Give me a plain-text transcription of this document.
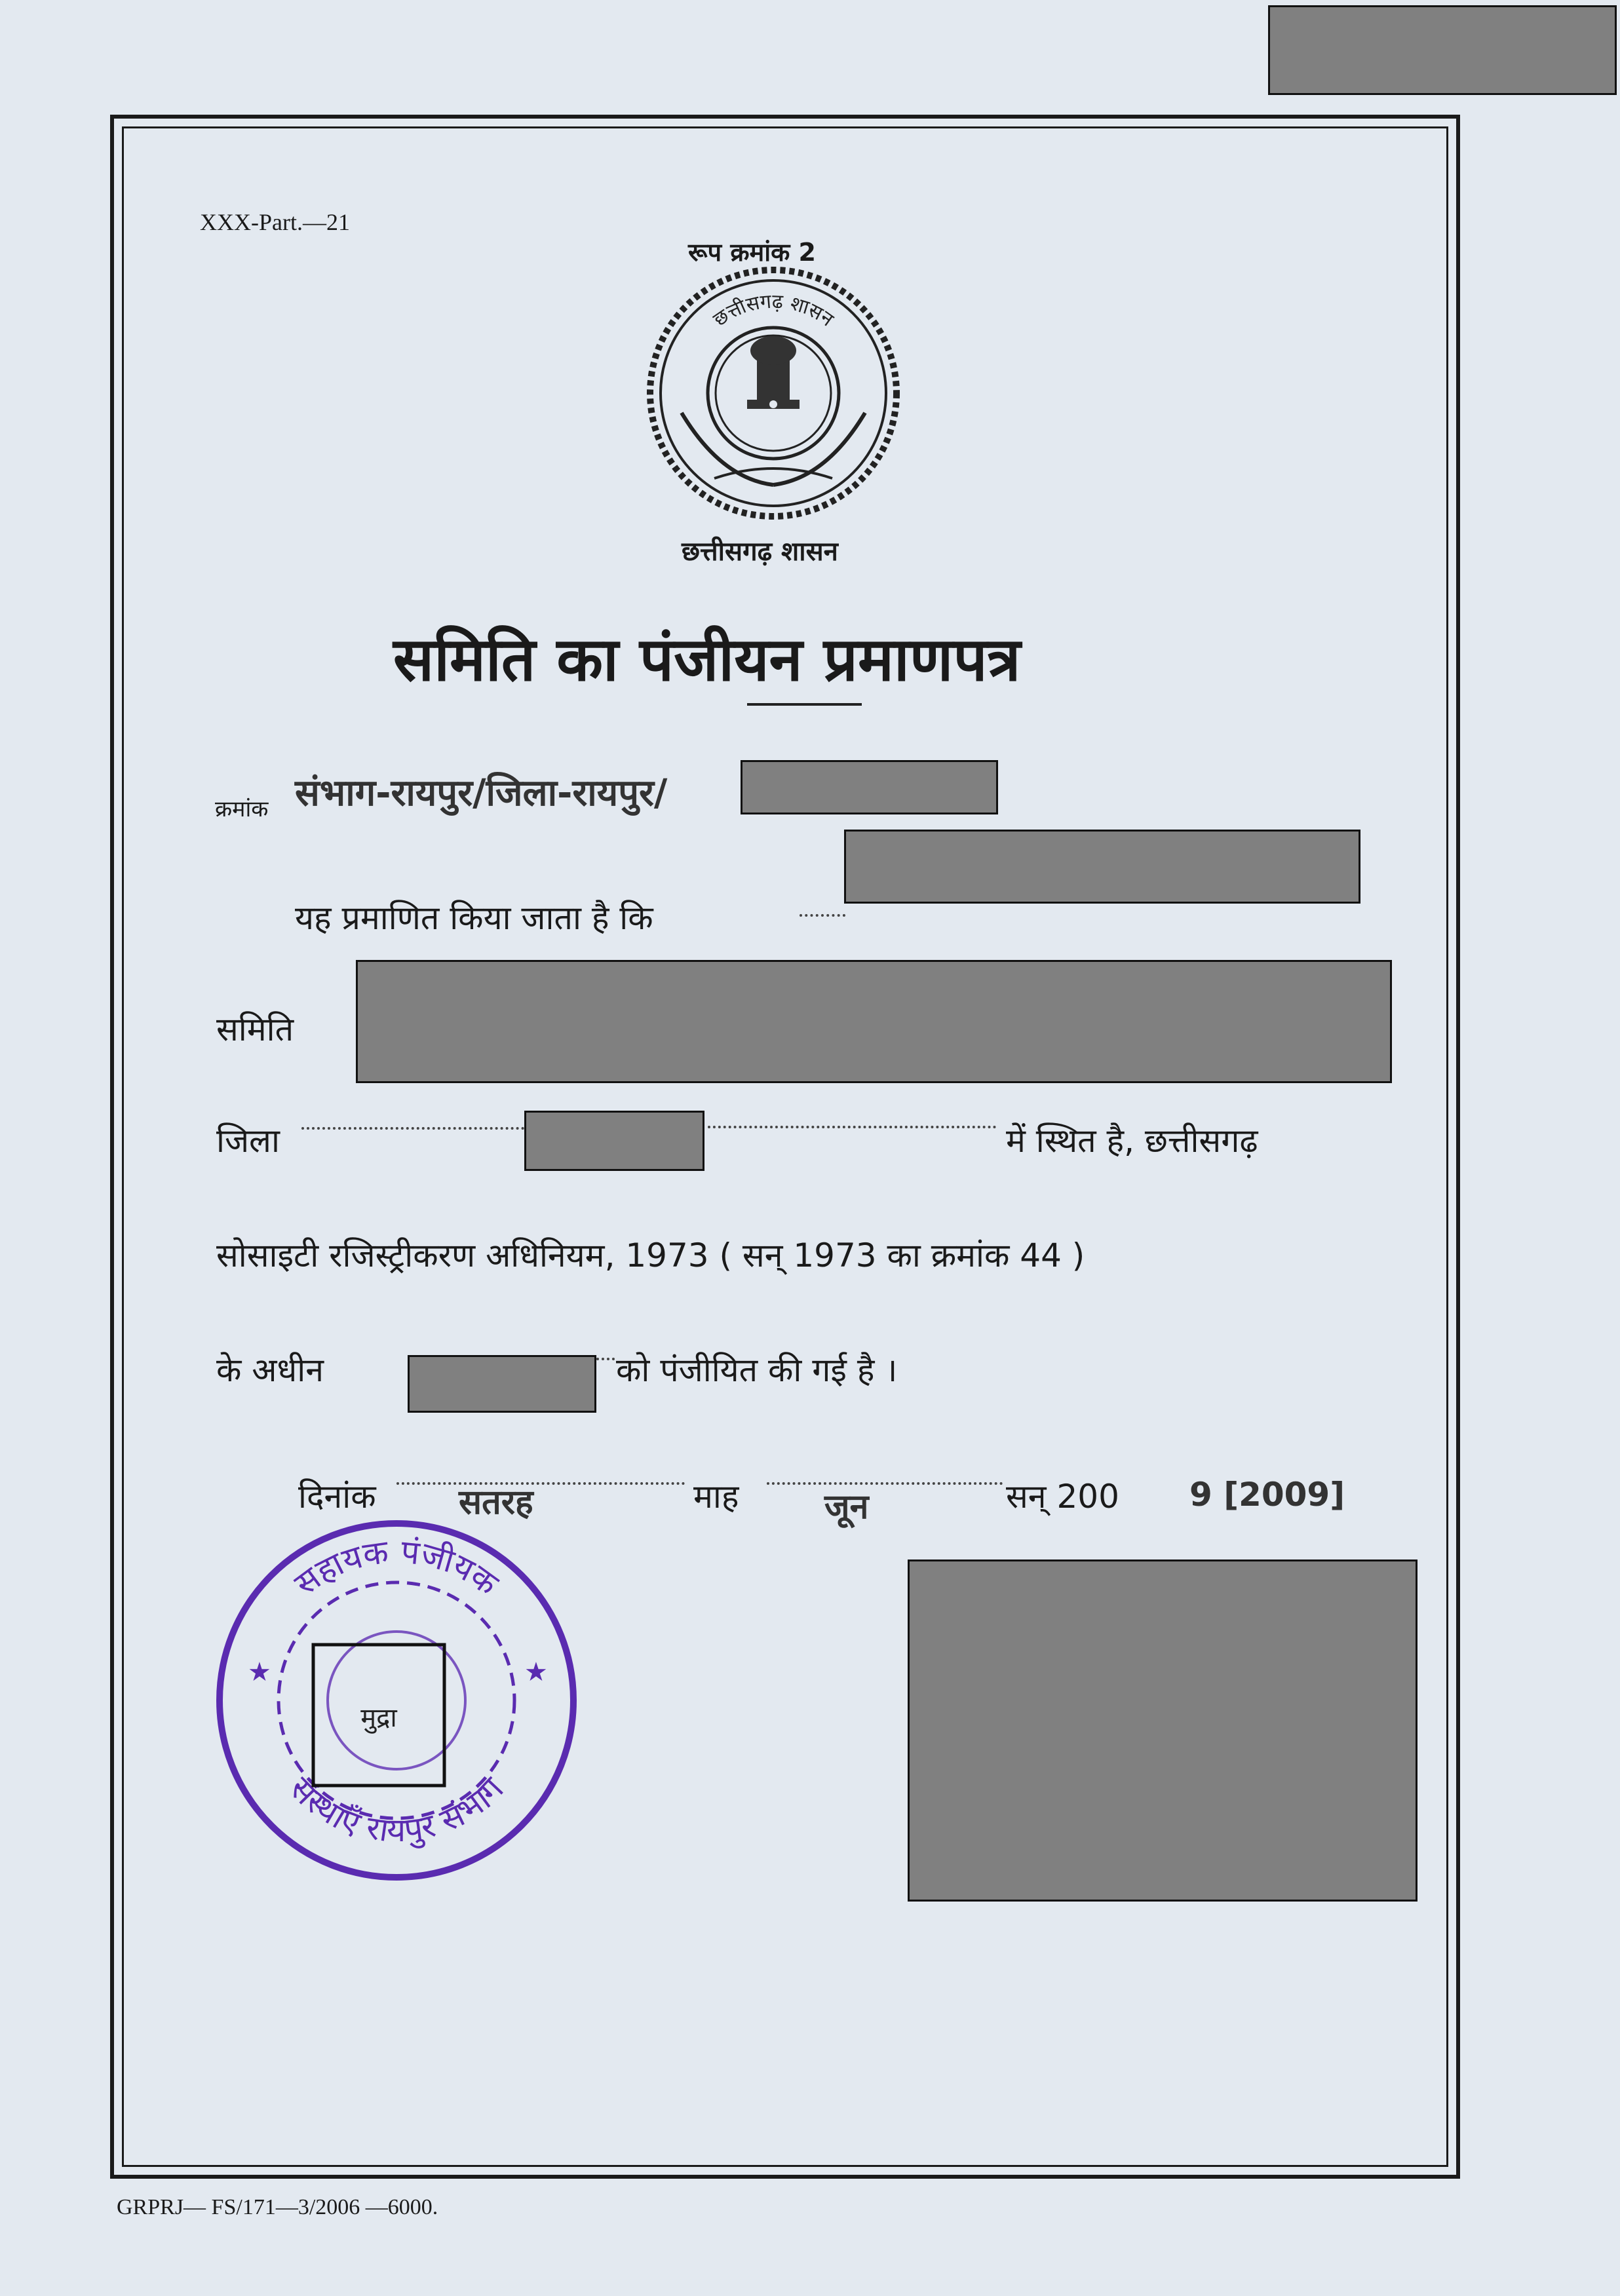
XXX-Part.—21
रूप क्रमांक 2
छत्तीसगढ़ शासन
छत्तीसगढ़ शासन
समिति का पंजीयन प्रमाणपत्र
क्रमांक संभाग-रायपुर/जिला-रायपुर/
यह प्रमाणित किया जाता है कि
समिति
जिला	में स्थित है, छत्तीसगढ़
सोसाइटी रजिस्ट्रीकरण अधिनियम, 1973 ( सन् 1973 का क्रमांक 44 )
के अधीन	को पंजीयित की गई है ।
दिनांक सतरह	माह	जून	सन् 200 9 [2009]
सहायक पंजीयक
संस्थाएँ रायपुर संभाग
★	★
मुद्रा
GRPRJ— FS/171—3/2006 —6000.
